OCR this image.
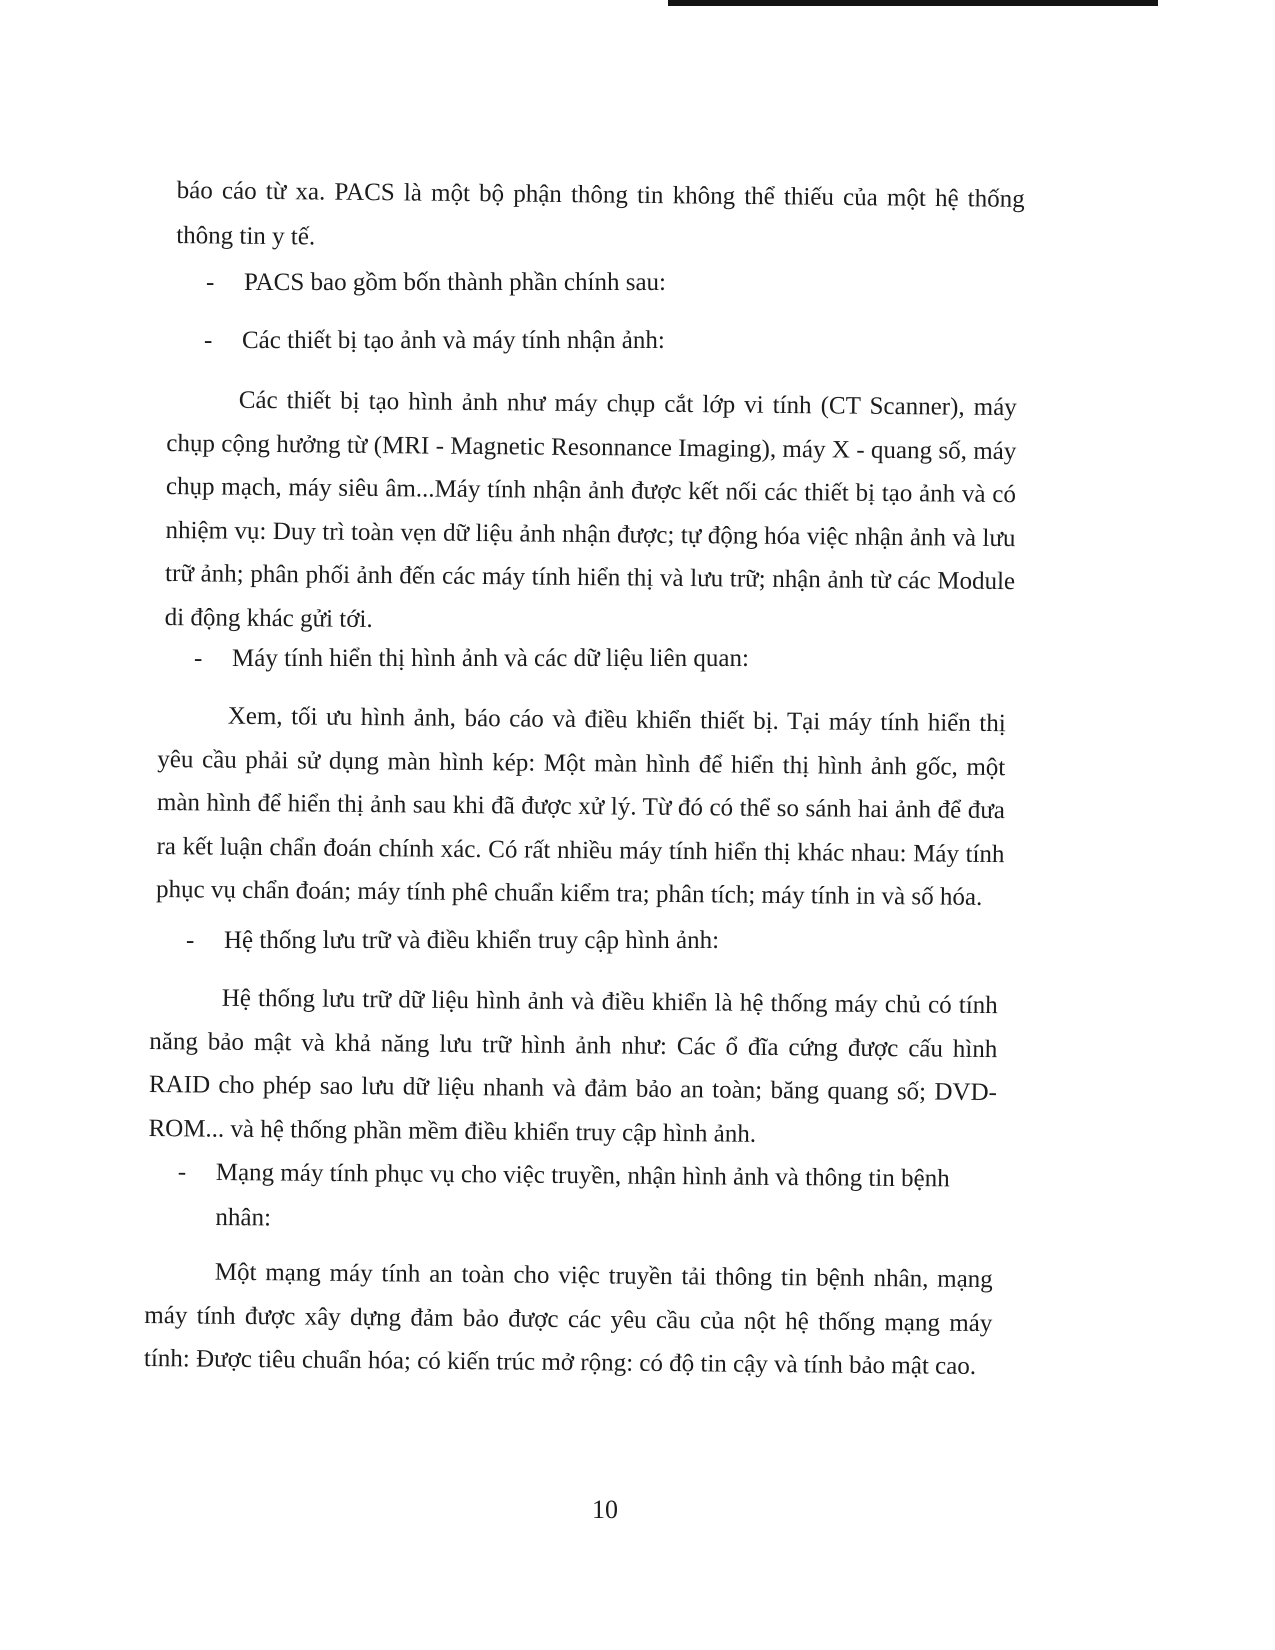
báo cáo từ xa. PACS là một bộ phận thông tin không thể thiếu của một hệ thống thông tin y tế.

- PACS bao gồm bốn thành phần chính sau:
- Các thiết bị tạo ảnh và máy tính nhận ảnh:

Các thiết bị tạo hình ảnh như máy chụp cắt lớp vi tính (CT Scanner), máy chụp cộng hưởng từ (MRI - Magnetic Resonnance Imaging), máy X - quang số, máy chụp mạch, máy siêu âm...Máy tính nhận ảnh được kết nối các thiết bị tạo ảnh và có nhiệm vụ: Duy trì toàn vẹn dữ liệu ảnh nhận được; tự động hóa việc nhận ảnh và lưu trữ ảnh; phân phối ảnh đến các máy tính hiển thị và lưu trữ; nhận ảnh từ các Module di động khác gửi tới.

- Máy tính hiển thị hình ảnh và các dữ liệu liên quan:

Xem, tối ưu hình ảnh, báo cáo và điều khiển thiết bị. Tại máy tính hiển thị yêu cầu phải sử dụng màn hình kép: Một màn hình để hiển thị hình ảnh gốc, một màn hình để hiển thị ảnh sau khi đã được xử lý. Từ đó có thể so sánh hai ảnh để đưa ra kết luận chẩn đoán chính xác. Có rất nhiều máy tính hiển thị khác nhau: Máy tính phục vụ chẩn đoán; máy tính phê chuẩn kiểm tra; phân tích; máy tính in và số hóa.

- Hệ thống lưu trữ và điều khiển truy cập hình ảnh:

Hệ thống lưu trữ dữ liệu hình ảnh và điều khiển là hệ thống máy chủ có tính năng bảo mật và khả năng lưu trữ hình ảnh như: Các ổ đĩa cứng được cấu hình RAID cho phép sao lưu dữ liệu nhanh và đảm bảo an toàn; băng quang số; DVD-ROM... và hệ thống phần mềm điều khiển truy cập hình ảnh.

- Mạng máy tính phục vụ cho việc truyền, nhận hình ảnh và thông tin bệnh nhân:

Một mạng máy tính an toàn cho việc truyền tải thông tin bệnh nhân, mạng máy tính được xây dựng đảm bảo được các yêu cầu của nột hệ thống mạng máy tính: Được tiêu chuẩn hóa; có kiến trúc mở rộng: có độ tin cậy và tính bảo mật cao.

10
